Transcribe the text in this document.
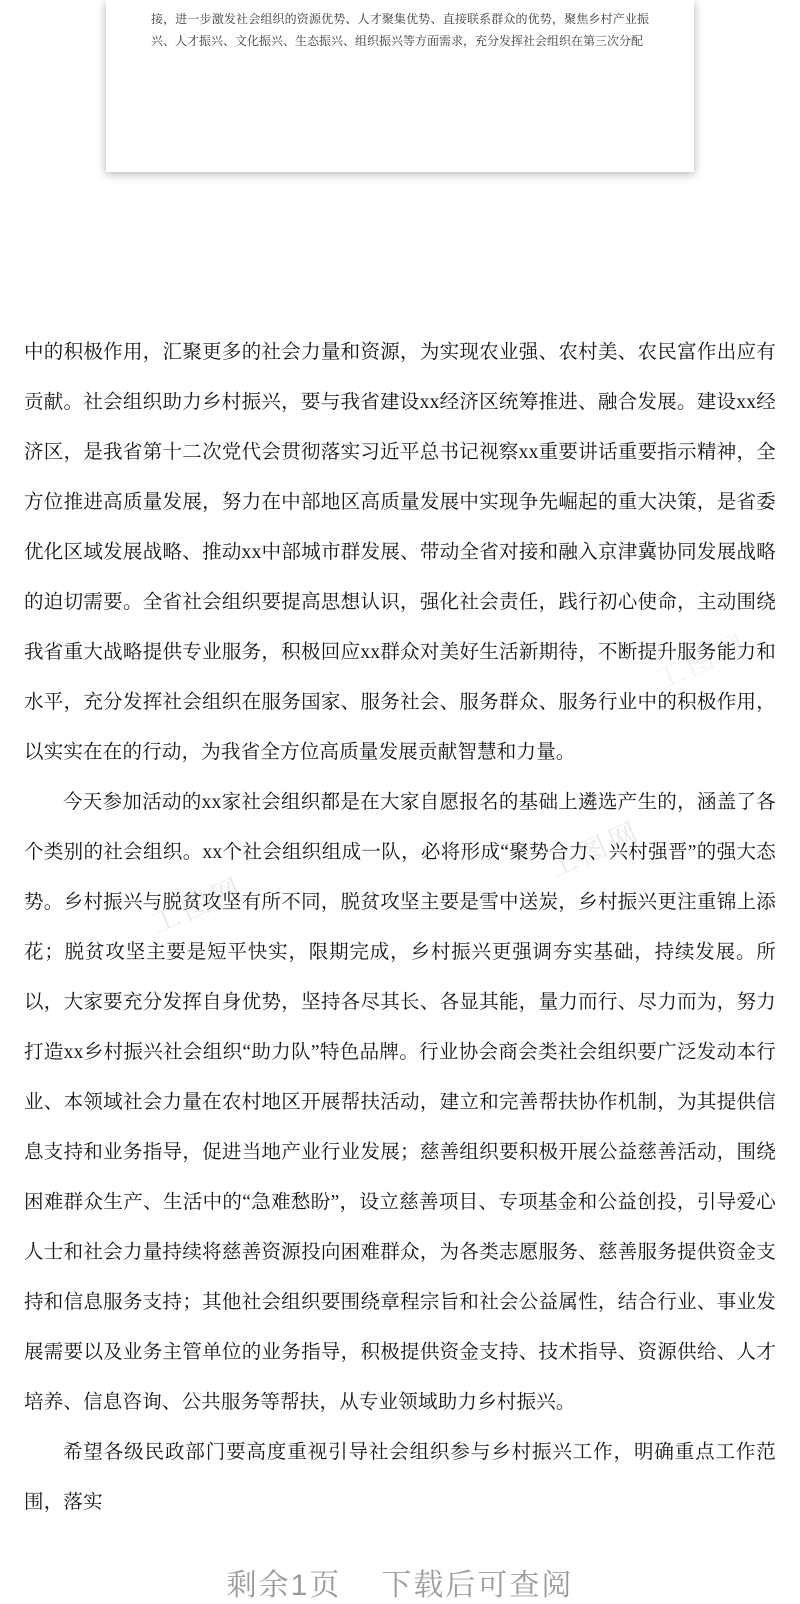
接，进一步激发社会组织的资源优势、人才聚集优势、直接联系群众的优势，聚焦乡村产业振兴、人才振兴、文化振兴、生态振兴、组织振兴等方面需求，充分发挥社会组织在第三次分配

工图网
工图网
工图网

中的积极作用，汇聚更多的社会力量和资源，为实现农业强、农村美、农民富作出应有贡献。社会组织助力乡村振兴，要与我省建设xx经济区统筹推进、融合发展。建设xx经济区，是我省第十二次党代会贯彻落实习近平总书记视察xx重要讲话重要指示精神，全方位推进高质量发展，努力在中部地区高质量发展中实现争先崛起的重大决策，是省委优化区域发展战略、推动xx中部城市群发展、带动全省对接和融入京津冀协同发展战略的迫切需要。全省社会组织要提高思想认识，强化社会责任，践行初心使命，主动围绕我省重大战略提供专业服务，积极回应xx群众对美好生活新期待，不断提升服务能力和水平，充分发挥社会组织在服务国家、服务社会、服务群众、服务行业中的积极作用，以实实在在的行动，为我省全方位高质量发展贡献智慧和力量。

今天参加活动的xx家社会组织都是在大家自愿报名的基础上遴选产生的，涵盖了各个类别的社会组织。xx个社会组织组成一队，必将形成“聚势合力、兴村强晋”的强大态势。乡村振兴与脱贫攻坚有所不同，脱贫攻坚主要是雪中送炭，乡村振兴更注重锦上添花；脱贫攻坚主要是短平快实，限期完成，乡村振兴更强调夯实基础，持续发展。所以，大家要充分发挥自身优势，坚持各尽其长、各显其能，量力而行、尽力而为，努力打造xx乡村振兴社会组织“助力队”特色品牌。行业协会商会类社会组织要广泛发动本行业、本领域社会力量在农村地区开展帮扶活动，建立和完善帮扶协作机制，为其提供信息支持和业务指导，促进当地产业行业发展；慈善组织要积极开展公益慈善活动，围绕困难群众生产、生活中的“急难愁盼”，设立慈善项目、专项基金和公益创投，引导爱心人士和社会力量持续将慈善资源投向困难群众，为各类志愿服务、慈善服务提供资金支持和信息服务支持；其他社会组织要围绕章程宗旨和社会公益属性，结合行业、事业发展需要以及业务主管单位的业务指导，积极提供资金支持、技术指导、资源供给、人才培养、信息咨询、公共服务等帮扶，从专业领域助力乡村振兴。

希望各级民政部门要高度重视引导社会组织参与乡村振兴工作，明确重点工作范围，落实

剩余1页 下载后可查阅
